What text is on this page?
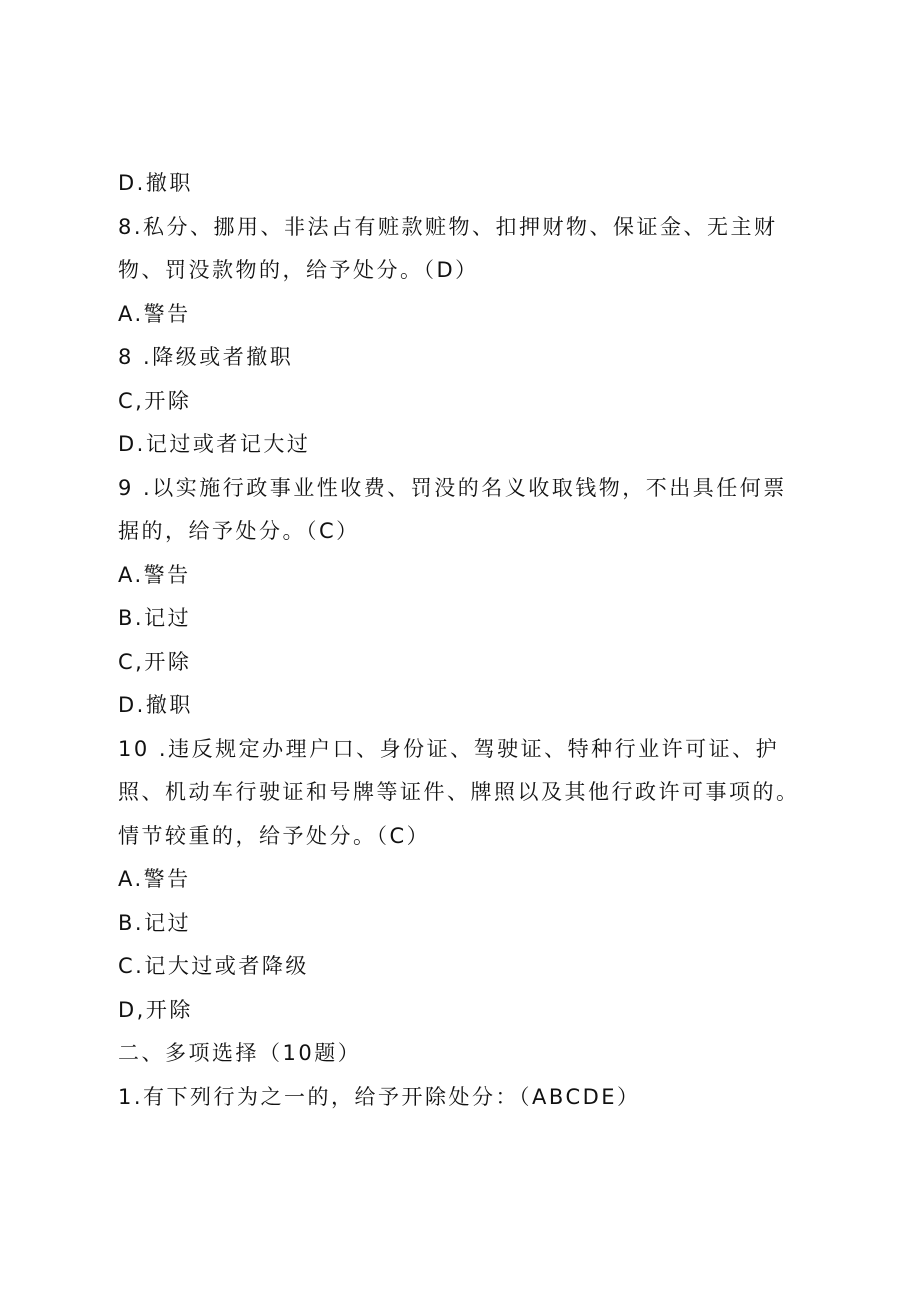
D.撤职
8.私分、挪用、非法占有赃款赃物、扣押财物、保证金、无主财
物、罚没款物的，给予处分。（D）
A.警告
8 .降级或者撤职
C,开除
D.记过或者记大过
9 .以实施行政事业性收费、罚没的名义收取钱物，不出具任何票
据的，给予处分。（C）
A.警告
B.记过
C,开除
D.撤职
10 .违反规定办理户口、身份证、驾驶证、特种行业许可证、护
照、机动车行驶证和号牌等证件、牌照以及其他行政许可事项的。
情节较重的，给予处分。（C）
A.警告
B.记过
C.记大过或者降级
D,开除
二、多项选择（10题）
1.有下列行为之一的，给予开除处分：（ABCDE）
